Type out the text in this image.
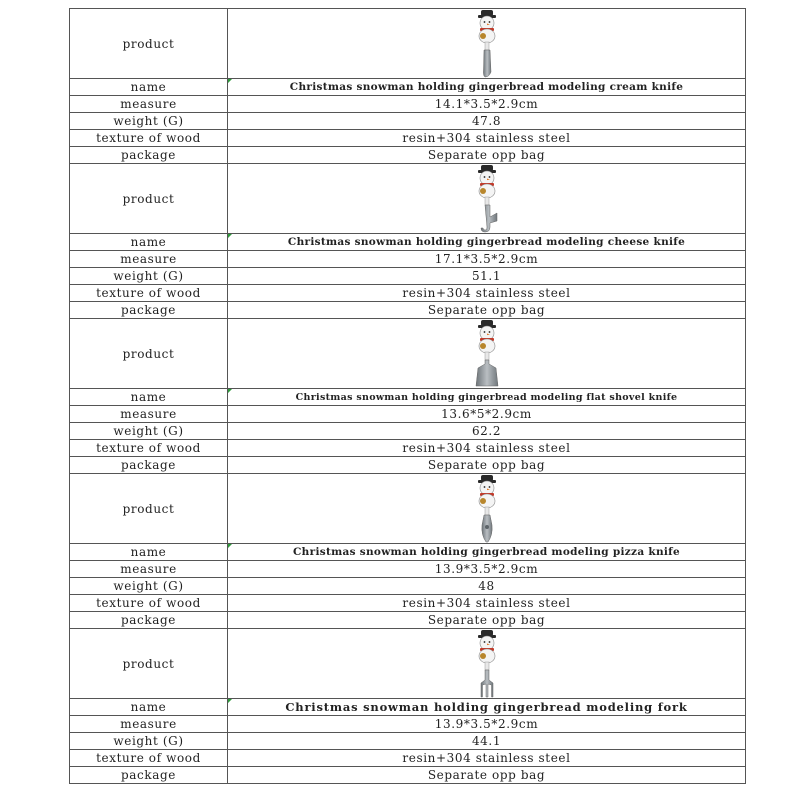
product	

name	Christmas snowman holding gingerbread modeling cream knife

measure	14.1*3.5*2.9cm
weight (G)	47.8
texture of wood	resin+304 stainless steel
package	Separate opp bag
product	

name	Christmas snowman holding gingerbread modeling cheese knife

measure	17.1*3.5*2.9cm
weight (G)	51.1
texture of wood	resin+304 stainless steel
package	Separate opp bag
product	

name	Christmas snowman holding gingerbread modeling flat shovel knife

measure	13.6*5*2.9cm
weight (G)	62.2
texture of wood	resin+304 stainless steel
package	Separate opp bag
product	

name	Christmas snowman holding gingerbread modeling pizza knife

measure	13.9*3.5*2.9cm
weight (G)	48
texture of wood	resin+304 stainless steel
package	Separate opp bag
product	

name	Christmas snowman holding gingerbread modeling fork

measure	13.9*3.5*2.9cm
weight (G)	44.1
texture of wood	resin+304 stainless steel
package	Separate opp bag
